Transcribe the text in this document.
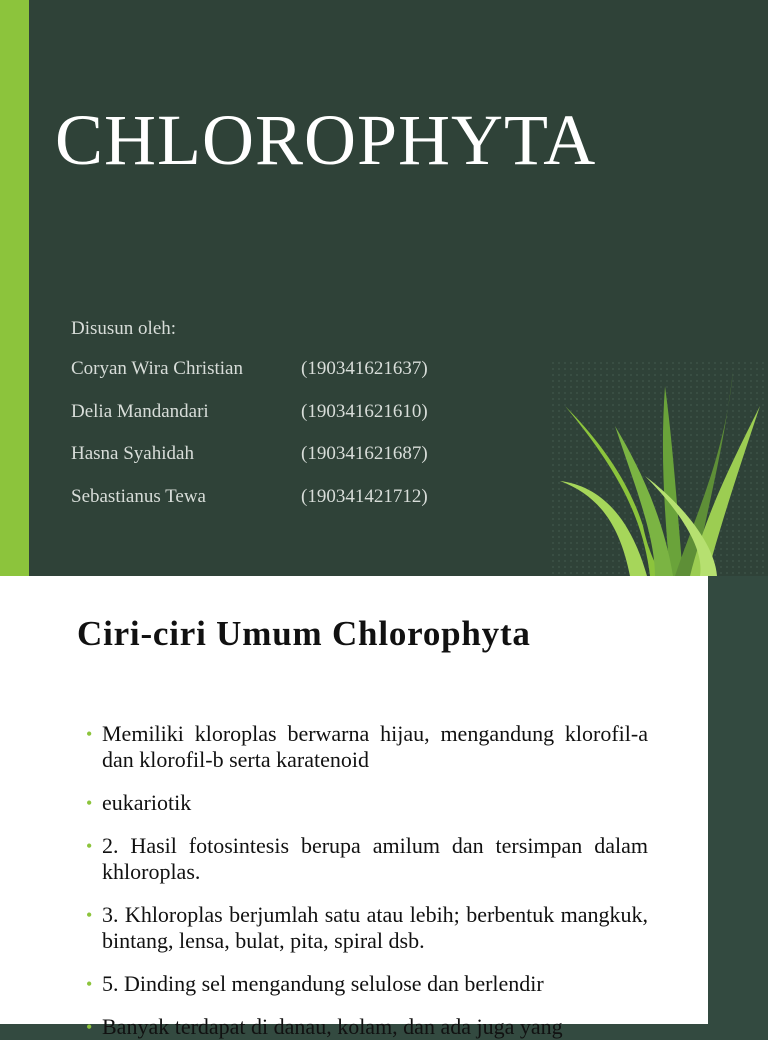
CHLOROPHYTA
Disusun oleh:
Coryan Wira Christian	(190341621637)
Delia Mandandari	(190341621610)
Hasna Syahidah	(190341621687)
Sebastianus Tewa	(190341421712)
Ciri-ciri Umum Chlorophyta
• Memiliki kloroplas berwarna hijau, mengandung klorofil-a dan klorofil-b serta karatenoid
• eukariotik
• 2. Hasil fotosintesis berupa amilum dan tersimpan dalam khloroplas.
• 3. Khloroplas berjumlah satu atau lebih; berbentuk mangkuk, bintang, lensa, bulat, pita, spiral dsb.
• 5. Dinding sel mengandung selulose dan berlendir
• Banyak terdapat di danau, kolam, dan ada juga yang
